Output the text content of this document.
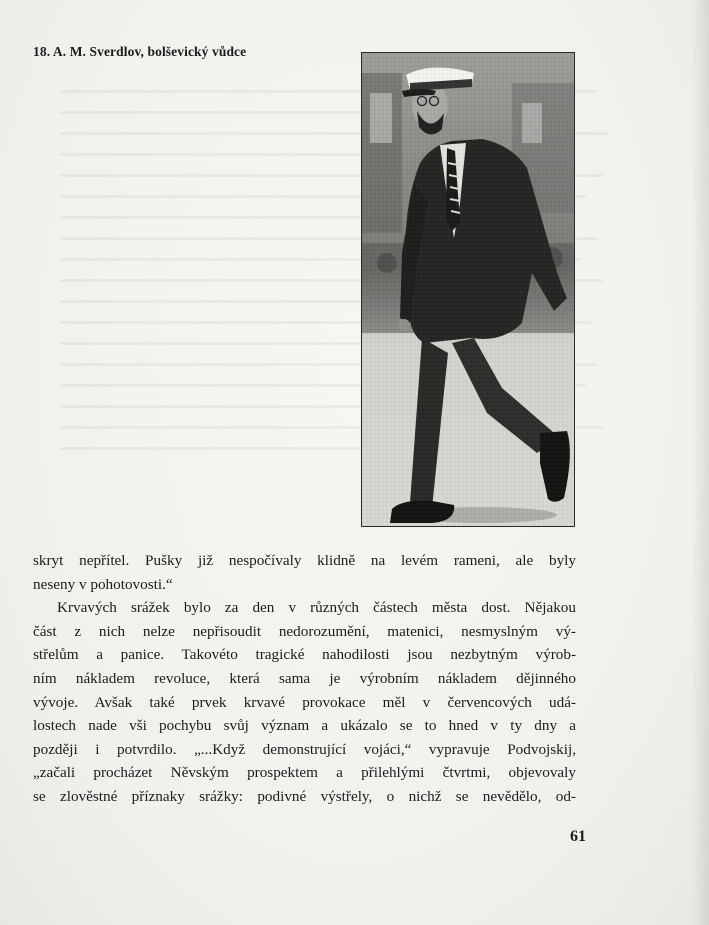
18. A. M. Sverdlov, bolševický vůdce
skryt nepřítel. Pušky již nespočívaly klidně na levém rameni, ale byly
neseny v pohotovosti.“
Krvavých srážek bylo za den v různých částech města dost. Nějakou
část z nich nelze nepřisoudit nedorozumění, matenici, nesmyslným vý-
střelům a panice. Takovéto tragické nahodilosti jsou nezbytným výrob-
ním nákladem revoluce, která sama je výrobním nákladem dějinného
vývoje. Avšak také prvek krvavé provokace měl v červencových udá-
lostech nade vši pochybu svůj význam a ukázalo se to hned v ty dny a
později i potvrdilo. „...Když demonstrující vojáci,“ vypravuje Podvojskij,
„začali procházet Něvským prospektem a přilehlými čtvrtmi, objevovaly
se zlověstné příznaky srážky: podivné výstřely, o nichž se nevědělo, od-
61
